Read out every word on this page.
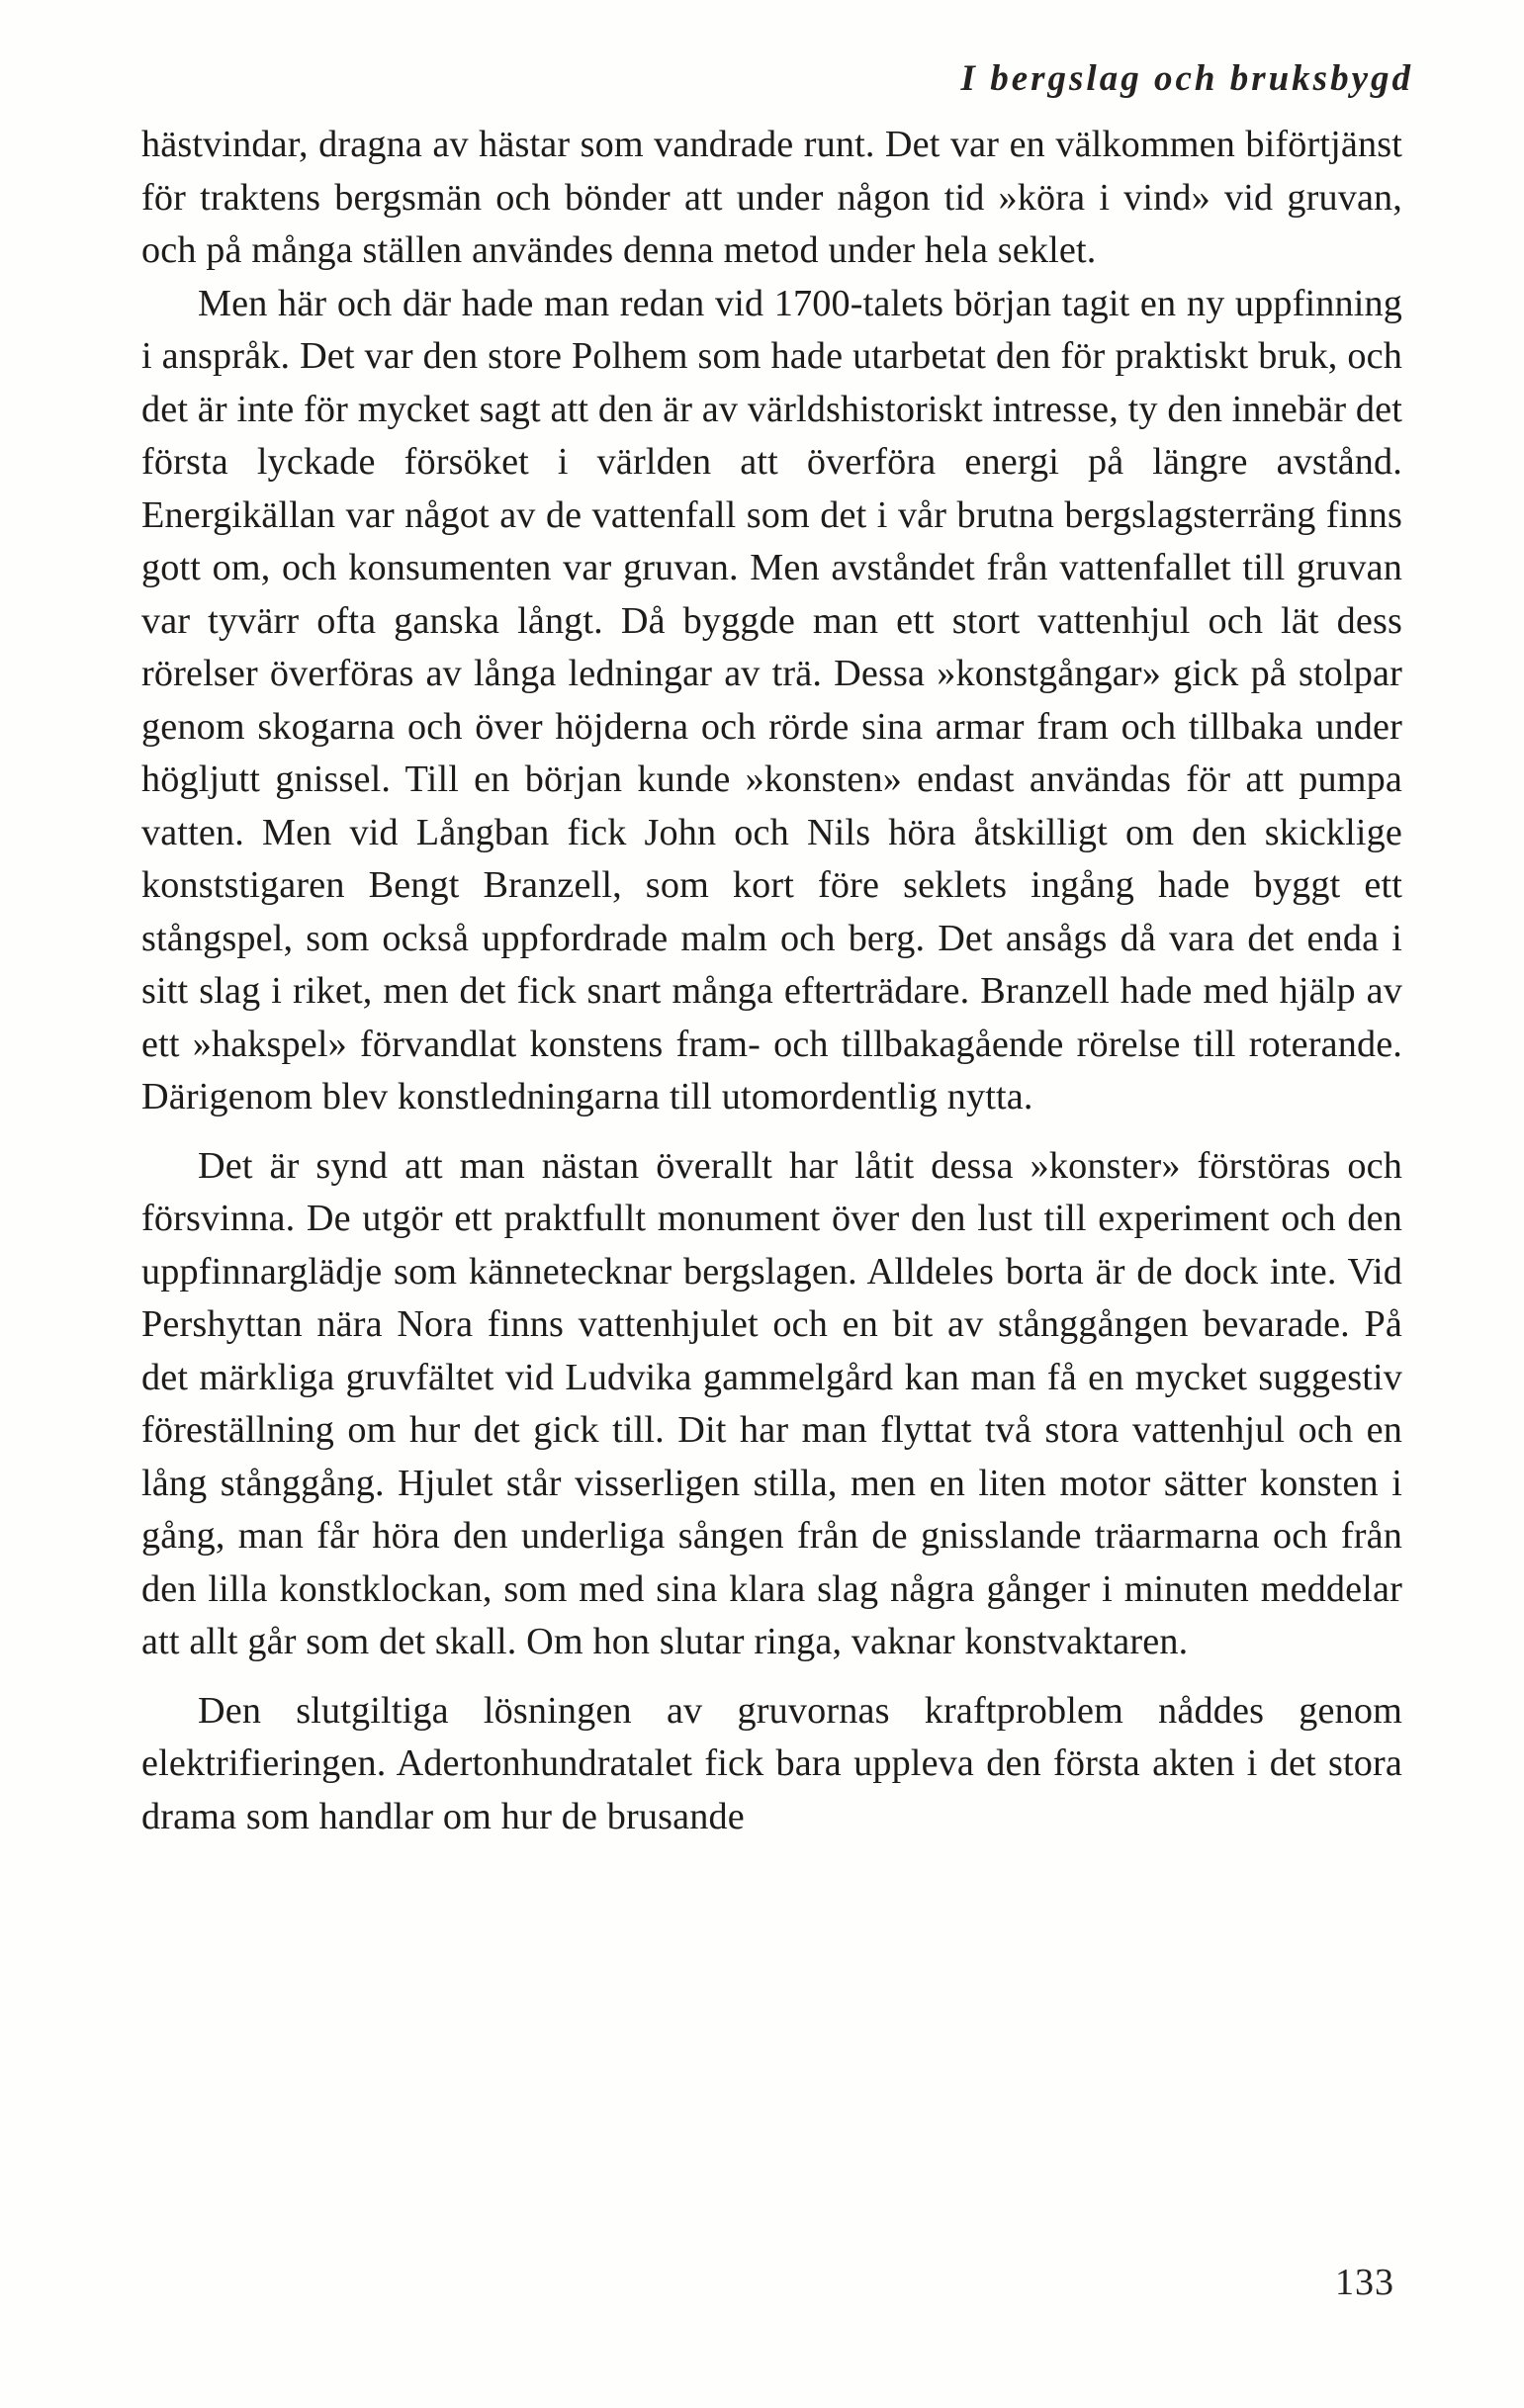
I bergslag och bruksbygd

hästvindar, dragna av hästar som vandrade runt. Det var en välkommen biförtjänst för traktens bergsmän och bönder att under någon tid »köra i vind» vid gruvan, och på många ställen användes denna metod under hela seklet.

Men här och där hade man redan vid 1700-talets början tagit en ny uppfinning i anspråk. Det var den store Polhem som hade utarbetat den för praktiskt bruk, och det är inte för mycket sagt att den är av världshistoriskt intresse, ty den innebär det första lyckade försöket i världen att överföra energi på längre avstånd. Energikällan var något av de vattenfall som det i vår brutna bergslagsterräng finns gott om, och konsumenten var gruvan. Men avståndet från vattenfallet till gruvan var tyvärr ofta ganska långt. Då byggde man ett stort vattenhjul och lät dess rörelser överföras av långa ledningar av trä. Dessa »konstgångar» gick på stolpar genom skogarna och över höjderna och rörde sina armar fram och tillbaka under högljutt gnissel. Till en början kunde »konsten» endast användas för att pumpa vatten. Men vid Långban fick John och Nils höra åtskilligt om den skicklige konststigaren Bengt Branzell, som kort före seklets ingång hade byggt ett stångspel, som också uppfordrade malm och berg. Det ansågs då vara det enda i sitt slag i riket, men det fick snart många efterträdare. Branzell hade med hjälp av ett »hakspel» förvandlat konstens fram- och tillbakagående rörelse till roterande. Därigenom blev konstledningarna till utomordentlig nytta.

Det är synd att man nästan överallt har låtit dessa »konster» förstöras och försvinna. De utgör ett praktfullt monument över den lust till experiment och den uppfinnarglädje som kännetecknar bergslagen. Alldeles borta är de dock inte. Vid Pershyttan nära Nora finns vattenhjulet och en bit av stånggången bevarade. På det märkliga gruvfältet vid Ludvika gammelgård kan man få en mycket suggestiv föreställning om hur det gick till. Dit har man flyttat två stora vattenhjul och en lång stånggång. Hjulet står visserligen stilla, men en liten motor sätter konsten i gång, man får höra den underliga sången från de gnisslande träarmarna och från den lilla konstklockan, som med sina klara slag några gånger i minuten meddelar att allt går som det skall. Om hon slutar ringa, vaknar konstvaktaren.

Den slutgiltiga lösningen av gruvornas kraftproblem nåddes genom elektrifieringen. Adertonhundratalet fick bara uppleva den första akten i det stora drama som handlar om hur de brusande

133
